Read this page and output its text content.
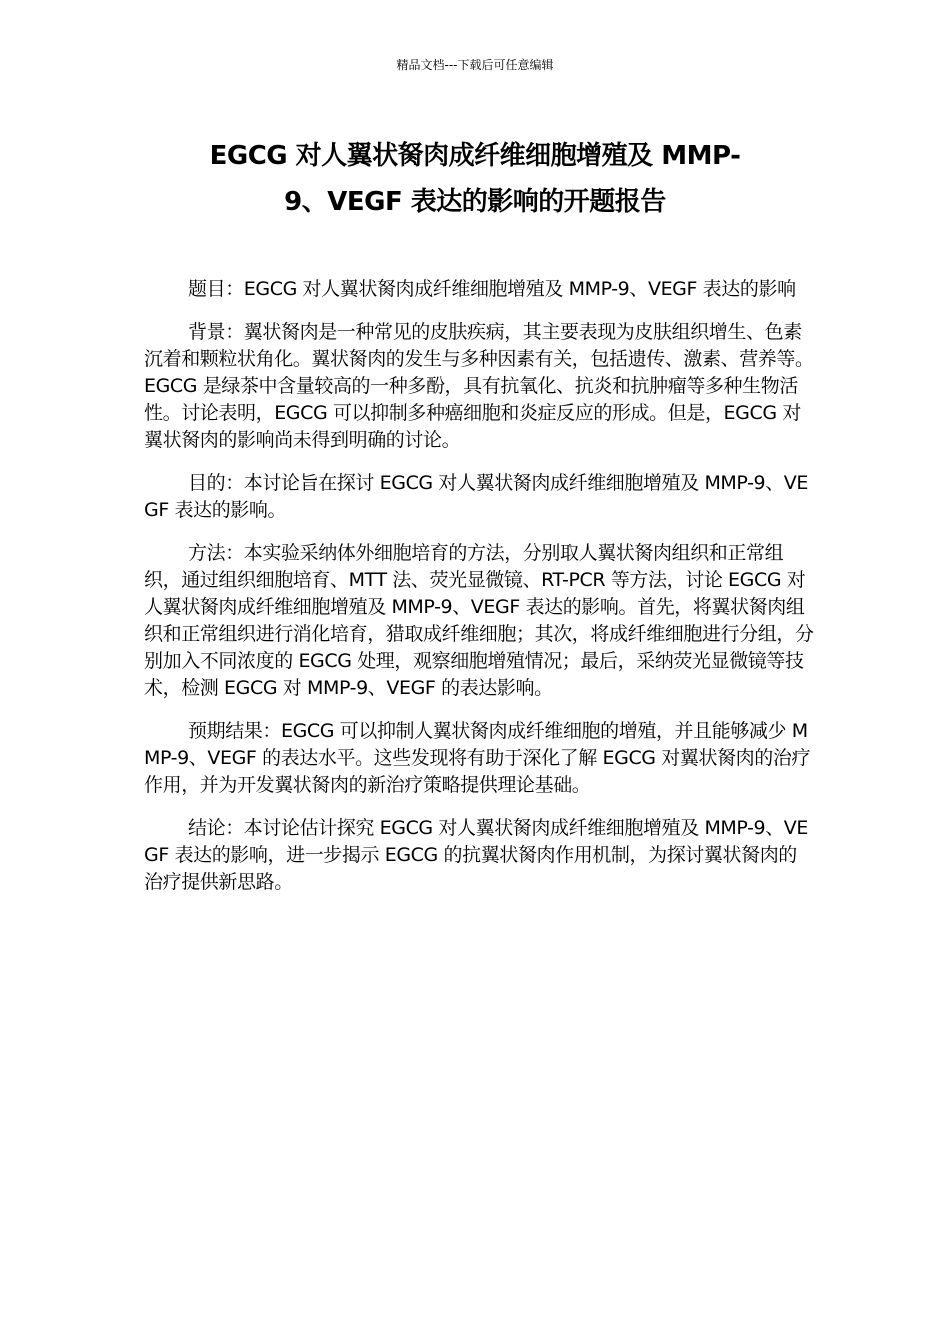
精品文档---下载后可任意编辑
EGCG 对人翼状胬肉成纤维细胞增殖及 MMP-
9、VEGF 表达的影响的开题报告

题目：EGCG 对人翼状胬肉成纤维细胞增殖及 MMP-9、VEGF 表达的影响

背景：翼状胬肉是一种常见的皮肤疾病，其主要表现为皮肤组织增生、色素沉着和颗粒状角化。翼状胬肉的发生与多种因素有关，包括遗传、激素、营养等。EGCG 是绿茶中含量较高的一种多酚，具有抗氧化、抗炎和抗肿瘤等多种生物活性。讨论表明，EGCG 可以抑制多种癌细胞和炎症反应的形成。但是，EGCG 对翼状胬肉的影响尚未得到明确的讨论。

目的：本讨论旨在探讨 EGCG 对人翼状胬肉成纤维细胞增殖及 MMP-9、VEGF 表达的影响。

方法：本实验采纳体外细胞培育的方法，分别取人翼状胬肉组织和正常组织，通过组织细胞培育、MTT 法、荧光显微镜、RT-PCR 等方法，讨论 EGCG 对人翼状胬肉成纤维细胞增殖及 MMP-9、VEGF 表达的影响。首先，将翼状胬肉组织和正常组织进行消化培育，猎取成纤维细胞；其次，将成纤维细胞进行分组，分别加入不同浓度的 EGCG 处理，观察细胞增殖情况；最后，采纳荧光显微镜等技术，检测 EGCG 对 MMP-9、VEGF 的表达影响。

预期结果：EGCG 可以抑制人翼状胬肉成纤维细胞的增殖，并且能够减少 MMP-9、VEGF 的表达水平。这些发现将有助于深化了解 EGCG 对翼状胬肉的治疗作用，并为开发翼状胬肉的新治疗策略提供理论基础。

结论：本讨论估计探究 EGCG 对人翼状胬肉成纤维细胞增殖及 MMP-9、VEGF 表达的影响，进一步揭示 EGCG 的抗翼状胬肉作用机制，为探讨翼状胬肉的治疗提供新思路。
